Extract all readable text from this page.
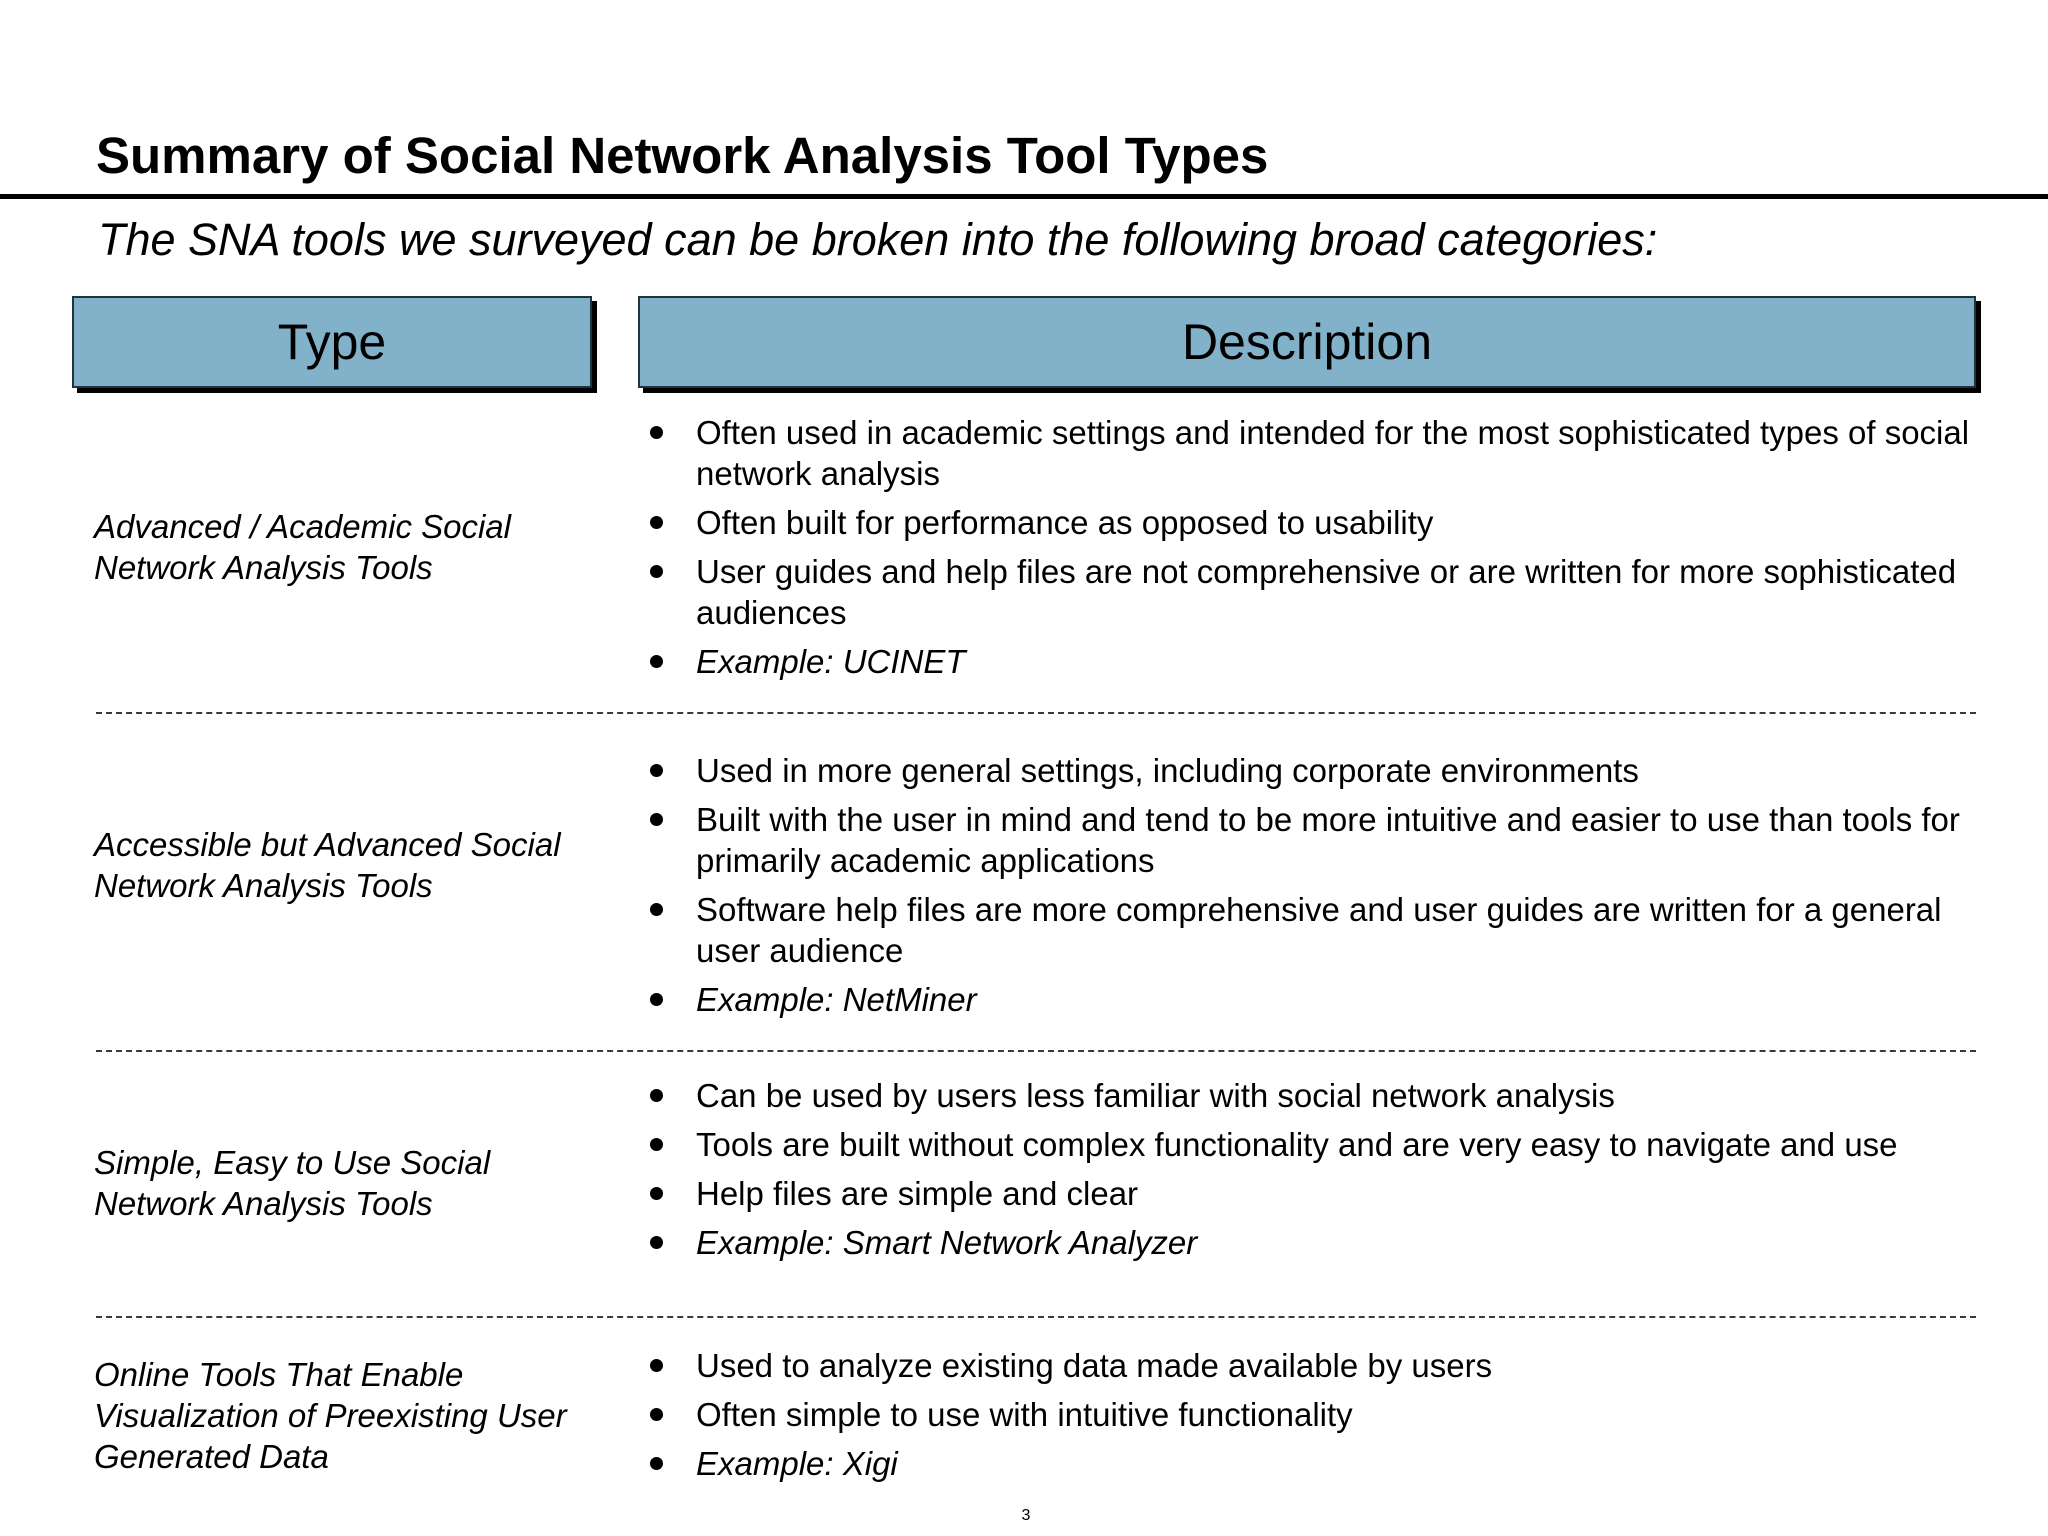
Summary of Social Network Analysis Tool Types
The SNA tools we surveyed can be broken into the following broad categories:
Type	Description
Advanced / Academic Social Network Analysis Tools
Often used in academic settings and intended for the most sophisticated types of social network analysis
Often built for performance as opposed to usability
User guides and help files are not comprehensive or are written for more sophisticated audiences
Example: UCINET
Accessible but Advanced Social Network Analysis Tools
Used in more general settings, including corporate environments
Built with the user in mind and tend to be more intuitive and easier to use than tools for primarily academic applications
Software help files are more comprehensive and user guides are written for a general user audience
Example: NetMiner
Simple, Easy to Use Social Network Analysis Tools
Can be used by users less familiar with social network analysis
Tools are built without complex functionality and are very easy to navigate and use
Help files are simple and clear
Example: Smart Network Analyzer
Online Tools That Enable Visualization of Preexisting User Generated Data
Used to analyze existing data made available by users
Often simple to use with intuitive functionality
Example: Xigi
3
